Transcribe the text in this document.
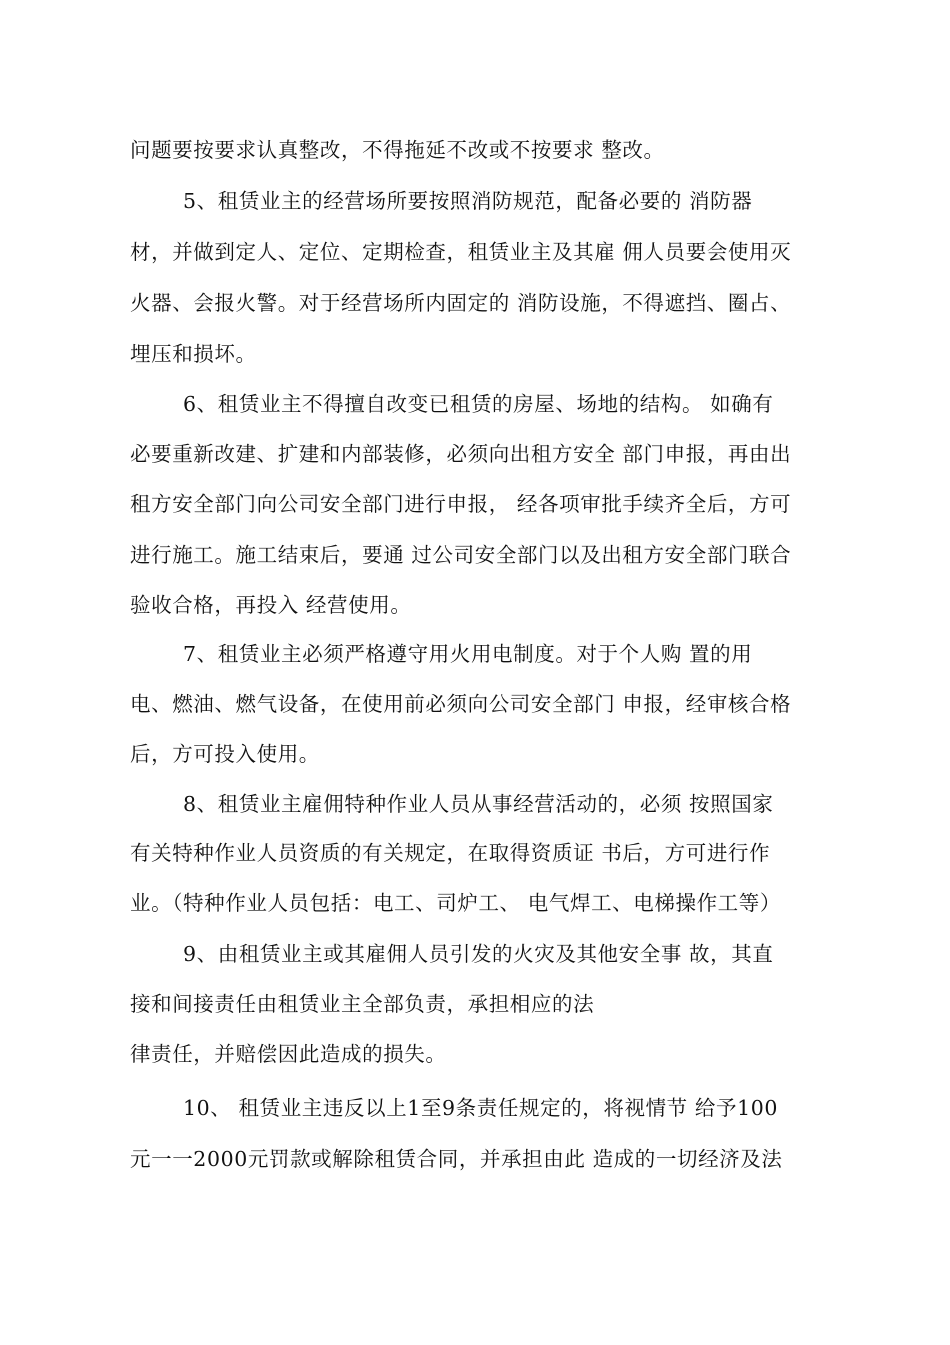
问题要按要求认真整改，不得拖延不改或不按要求 整改。
5、租赁业主的经营场所要按照消防规范，配备必要的 消防器
材，并做到定人、定位、定期检查，租赁业主及其雇 佣人员要会使用灭
火器、会报火警。对于经营场所内固定的 消防设施，不得遮挡、圈占、
埋压和损坏。
6、租赁业主不得擅自改变已租赁的房屋、场地的结构。 如确有
必要重新改建、扩建和内部装修，必须向出租方安全 部门申报，再由出
租方安全部门向公司安全部门进行申报， 经各项审批手续齐全后，方可
进行施工。施工结束后，要通 过公司安全部门以及出租方安全部门联合
验收合格，再投入 经营使用。
7、租赁业主必须严格遵守用火用电制度。对于个人购 置的用
电、燃油、燃气设备，在使用前必须向公司安全部门 申报，经审核合格
后，方可投入使用。
8、租赁业主雇佣特种作业人员从事经营活动的，必须 按照国家
有关特种作业人员资质的有关规定，在取得资质证 书后，方可进行作
业。（特种作业人员包括：电工、司炉工、 电气焊工、电梯操作工等）
9、由租赁业主或其雇佣人员引发的火灾及其他安全事 故，其直
接和间接责任由租赁业主全部负责，承担相应的法
律责任，并赔偿因此造成的损失。
10、 租赁业主违反以上1至9条责任规定的，将视情节 给予100
元一一2000元罚款或解除租赁合同，并承担由此 造成的一切经济及法
